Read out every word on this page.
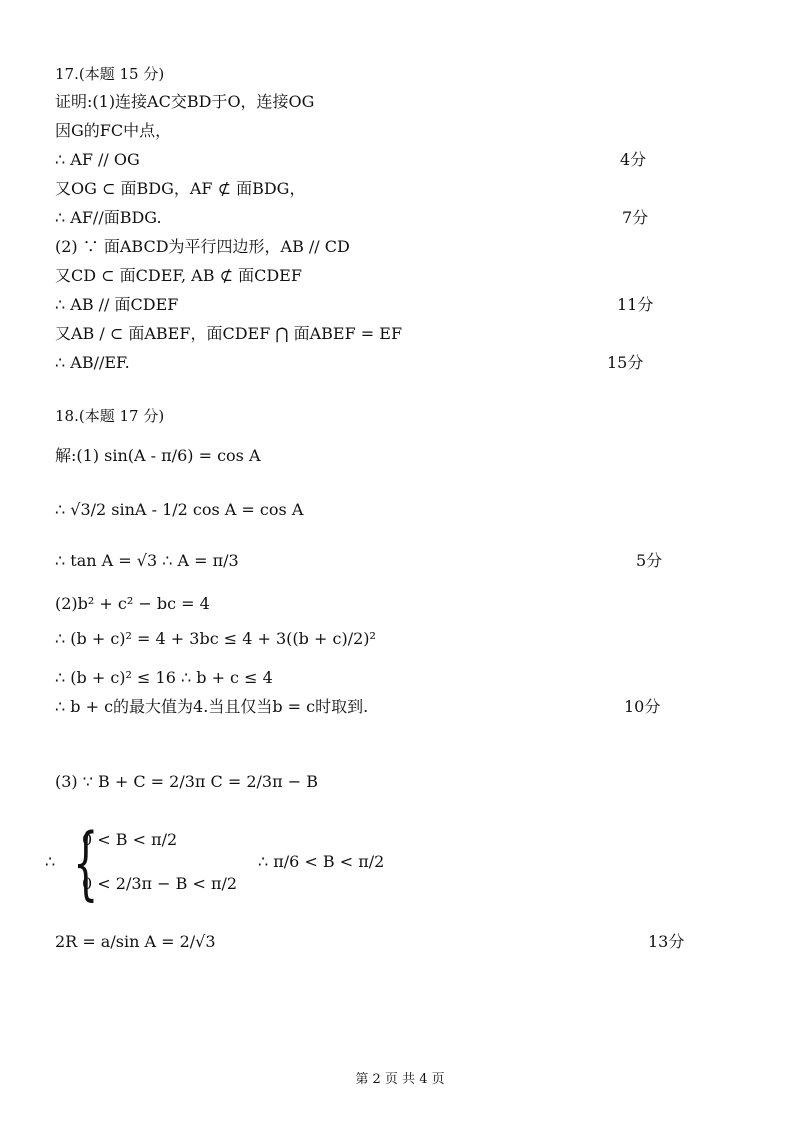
17.(本题 15 分)
证明:(1)连接AC交BD于O，连接OG
因G的FC中点，
∴ AF // OG	4分
又OG ⊂ 面BDG，AF ⊄ 面BDG，
∴ AF//面BDG.	7分
(2) ∵ 面ABCD为平行四边形，AB // CD
又CD ⊂ 面CDEF, AB ⊄ 面CDEF
∴ AB // 面CDEF	11分
又AB / ⊂ 面ABEF，面CDEF ⋂ 面ABEF = EF
∴ AB//EF.	15分
18.(本题 17 分)
解:(1) sin(A - π/6) = cos A
∴ √3/2 sinA - 1/2 cos A = cos A
∴ tan A = √3 ∴ A = π/3	5分
(2)b² + c² − bc = 4
∴ (b + c)² = 4 + 3bc ≤ 4 + 3((b + c)/2)²
∴ (b + c)² ≤ 16 ∴ b + c ≤ 4
∴ b + c的最大值为4.当且仅当b = c时取到.	10分
(3) ∵ B + C = 2/3π C = 2/3π − B
{
0 < B < π/2
0 < 2/3π − B < π/2
∴	∴ π/6 < B < π/2
2R = a/sin A = 2/√3	13分
第 2 页 共 4 页
